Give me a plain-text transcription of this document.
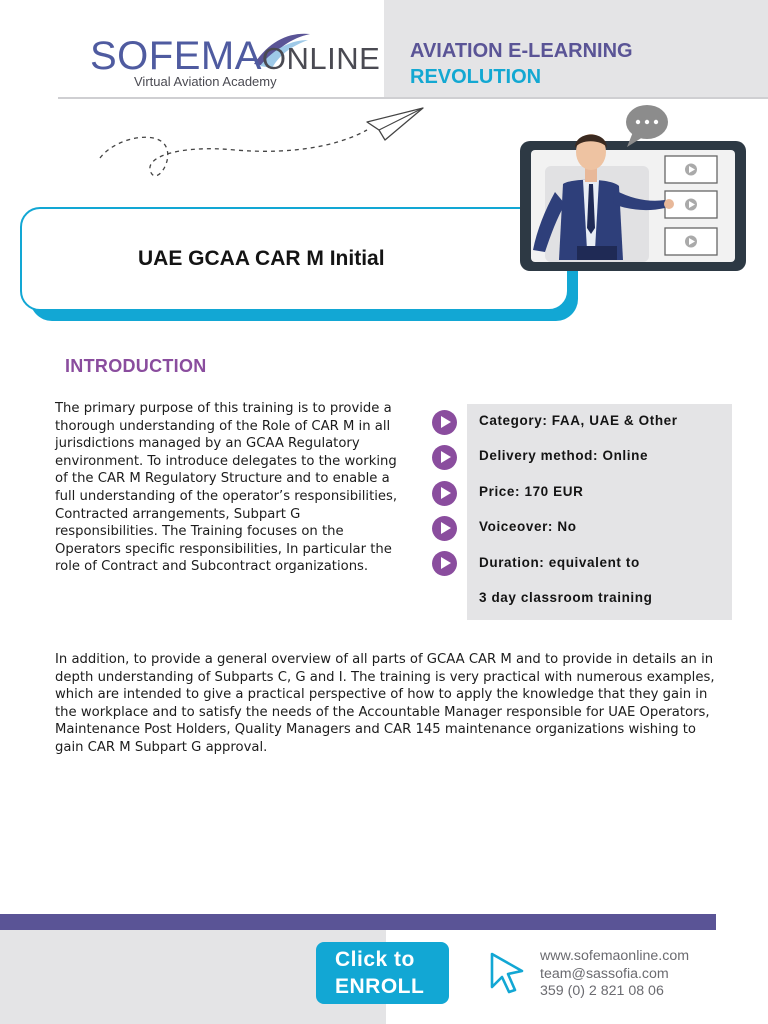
SOFEMAONLINE
Virtual Aviation Academy
AVIATION E-LEARNING
REVOLUTION
UAE GCAA CAR M Initial
INTRODUCTION

The primary purpose of this training is to provide a thorough understanding of the Role of CAR M in all jurisdictions managed by an GCAA Regulatory environment. To introduce delegates to the working of the CAR M Regulatory Structure and to enable a full understanding of the operator’s responsibilities, Contracted arrangements, Subpart G responsibilities. The Training focuses on the Operators specific responsibilities, In particular the role of Contract and Subcontract organizations.

Category: FAA, UAE & Other
Delivery method: Online
Price: 170 EUR
Voiceover: No
Duration: equivalent to
3 day classroom training

In addition, to provide a general overview of all parts of GCAA CAR M and to provide in details an in depth understanding of Subparts C, G and I. The training is very practical with numerous examples, which are intended to give a practical perspective of how to apply the knowledge that they gain in the workplace and to satisfy the needs of the Accountable Manager responsible for UAE Operators, Maintenance Post Holders, Quality Managers and CAR 145 maintenance organizations wishing to gain CAR M Subpart G approval.

Click to
ENROLL
www.sofemaonline.com
team@sassofia.com
359 (0) 2 821 08 06
